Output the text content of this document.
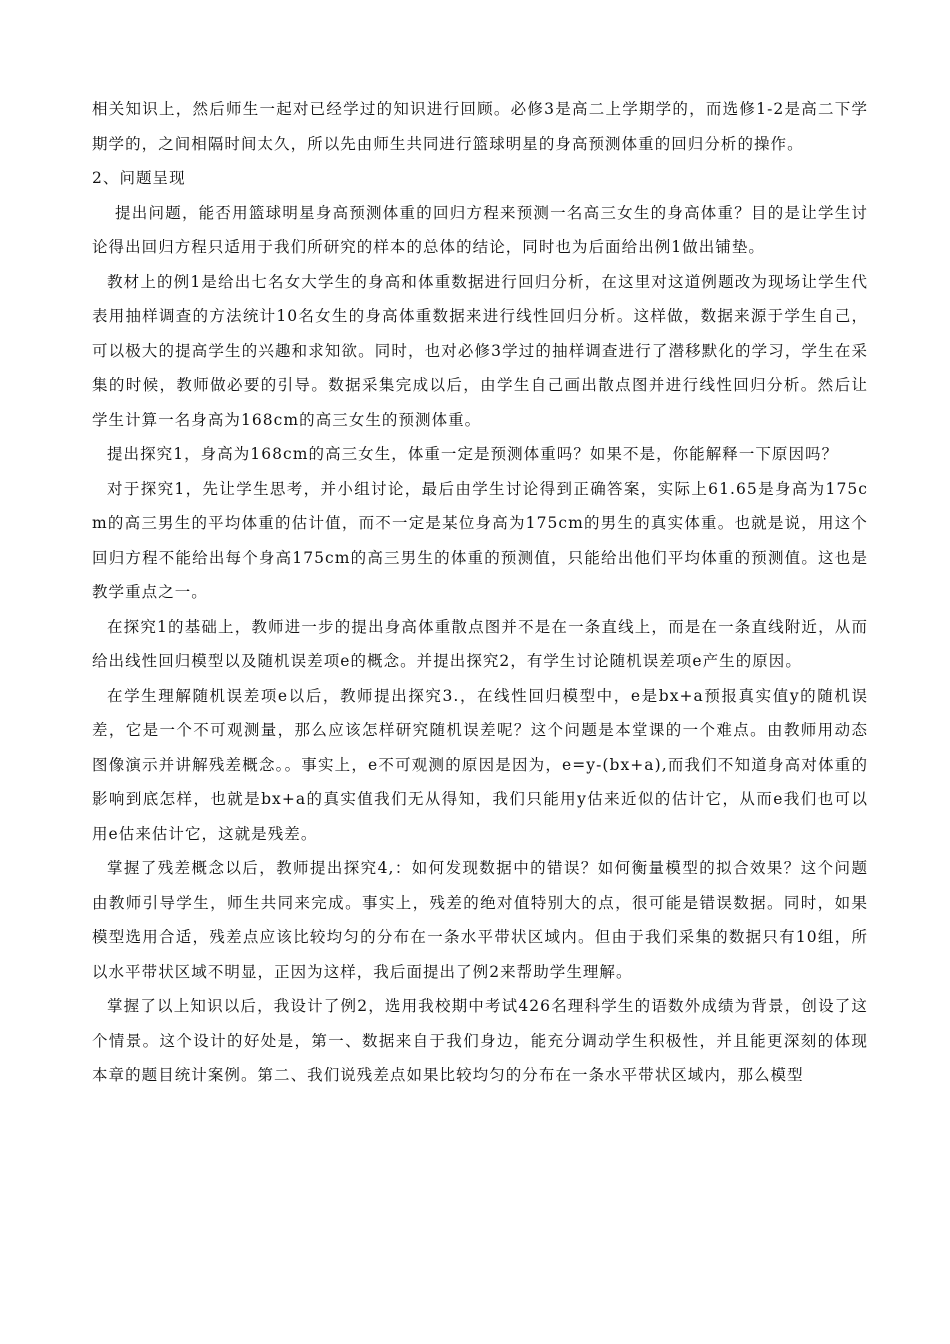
相关知识上，然后师生一起对已经学过的知识进行回顾。必修3是高二上学期学的，而选修1-2是高二下学期学的，之间相隔时间太久，所以先由师生共同进行篮球明星的身高预测体重的回归分析的操作。

2、问题呈现

提出问题，能否用篮球明星身高预测体重的回归方程来预测一名高三女生的身高体重？目的是让学生讨论得出回归方程只适用于我们所研究的样本的总体的结论，同时也为后面给出例1做出铺垫。

教材上的例1是给出七名女大学生的身高和体重数据进行回归分析，在这里对这道例题改为现场让学生代表用抽样调查的方法统计10名女生的身高体重数据来进行线性回归分析。这样做，数据来源于学生自己，可以极大的提高学生的兴趣和求知欲。同时，也对必修3学过的抽样调查进行了潜移默化的学习，学生在采集的时候，教师做必要的引导。数据采集完成以后，由学生自己画出散点图并进行线性回归分析。然后让学生计算一名身高为168cm的高三女生的预测体重。

提出探究1，身高为168cm的高三女生，体重一定是预测体重吗？如果不是，你能解释一下原因吗？

对于探究1，先让学生思考，并小组讨论，最后由学生讨论得到正确答案，实际上61.65是身高为175cm的高三男生的平均体重的估计值，而不一定是某位身高为175cm的男生的真实体重。也就是说，用这个回归方程不能给出每个身高175cm的高三男生的体重的预测值，只能给出他们平均体重的预测值。这也是教学重点之一。

在探究1的基础上，教师进一步的提出身高体重散点图并不是在一条直线上，而是在一条直线附近，从而给出线性回归模型以及随机误差项e的概念。并提出探究2，有学生讨论随机误差项e产生的原因。

在学生理解随机误差项e以后，教师提出探究3.，在线性回归模型中，e是bx+a预报真实值y的随机误差，它是一个不可观测量，那么应该怎样研究随机误差呢？这个问题是本堂课的一个难点。由教师用动态图像演示并讲解残差概念。。事实上，e不可观测的原因是因为，e=y-(bx+a),而我们不知道身高对体重的影响到底怎样，也就是bx+a的真实值我们无从得知，我们只能用y估来近似的估计它，从而e我们也可以用e估来估计它，这就是残差。

掌握了残差概念以后，教师提出探究4,：如何发现数据中的错误？如何衡量模型的拟合效果？这个问题由教师引导学生，师生共同来完成。事实上，残差的绝对值特别大的点，很可能是错误数据。同时，如果模型选用合适，残差点应该比较均匀的分布在一条水平带状区域内。但由于我们采集的数据只有10组，所以水平带状区域不明显，正因为这样，我后面提出了例2来帮助学生理解。

掌握了以上知识以后，我设计了例2，选用我校期中考试426名理科学生的语数外成绩为背景，创设了这个情景。这个设计的好处是，第一、数据来自于我们身边，能充分调动学生积极性，并且能更深刻的体现本章的题目统计案例。第二、我们说残差点如果比较均匀的分布在一条水平带状区域内，那么模型
